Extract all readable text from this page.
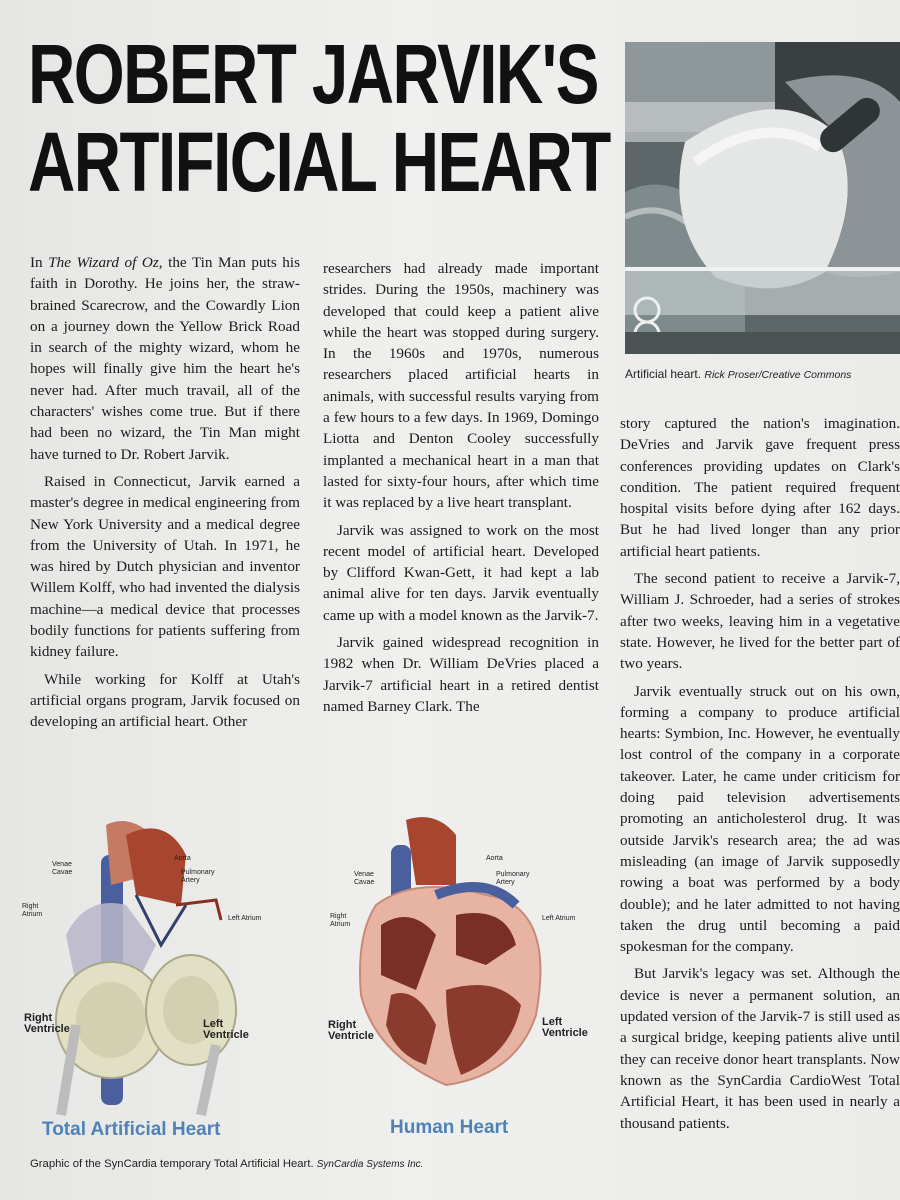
ROBERT JARVIK'S
ARTIFICIAL HEART
Artificial heart. Rick Proser/Creative Commons

In The Wizard of Oz, the Tin Man puts his faith in Dorothy. He joins her, the straw-brained Scarecrow, and the Cowardly Lion on a journey down the Yellow Brick Road in search of the mighty wizard, whom he hopes will finally give him the heart he's never had. After much travail, all of the characters' wishes come true. But if there had been no wizard, the Tin Man might have turned to Dr. Robert Jarvik.

Raised in Connecticut, Jarvik earned a master's degree in medical engineering from New York University and a medical degree from the University of Utah. In 1971, he was hired by Dutch physician and inventor Willem Kolff, who had invented the dialysis machine—a medical device that processes bodily functions for patients suffering from kidney failure.

While working for Kolff at Utah's artificial organs program, Jarvik focused on developing an artificial heart. Other

researchers had already made important strides. During the 1950s, machinery was developed that could keep a patient alive while the heart was stopped during surgery. In the 1960s and 1970s, numerous researchers placed artificial hearts in animals, with successful results varying from a few hours to a few days. In 1969, Domingo Liotta and Denton Cooley successfully implanted a mechanical heart in a man that lasted for sixty-four hours, after which time it was replaced by a live heart transplant.

Jarvik was assigned to work on the most recent model of artificial heart. Developed by Clifford Kwan-Gett, it had kept a lab animal alive for ten days. Jarvik eventually came up with a model known as the Jarvik-7.

Jarvik gained widespread recognition in 1982 when Dr. William DeVries placed a Jarvik-7 artificial heart in a retired dentist named Barney Clark. The

story captured the nation's imagination. DeVries and Jarvik gave frequent press conferences providing updates on Clark's condition. The patient required frequent hospital visits before dying after 162 days. But he had lived longer than any prior artificial heart patients.

The second patient to receive a Jarvik-7, William J. Schroeder, had a series of strokes after two weeks, leaving him in a vegetative state. However, he lived for the better part of two years.

Jarvik eventually struck out on his own, forming a company to produce artificial hearts: Symbion, Inc. However, he eventually lost control of the company in a corporate takeover. Later, he came under criticism for doing paid television advertisements promoting an anticholesterol drug. It was outside Jarvik's research area; the ad was misleading (an image of Jarvik supposedly rowing a boat was performed by a body double); and he later admitted to not having taken the drug until becoming a paid spokesman for the company.

But Jarvik's legacy was set. Although the device is never a permanent solution, an updated version of the Jarvik-7 is still used as a surgical bridge, keeping patients alive until they can receive donor heart transplants. Now known as the SynCardia CardioWest Total Artificial Heart, it has been used in nearly a thousand patients.

Venae Cavae
Aorta
Pulmonary Artery
Right Atrium
Left Atrium
Right Ventricle	Left Ventricle
Venae Cavae
Aorta
Pulmonary Artery
Right Atrium
Left Atrium
Right Ventricle
Left Ventricle
Total Artificial Heart	Human Heart
Graphic of the SynCardia temporary Total Artificial Heart. SynCardia Systems Inc.
